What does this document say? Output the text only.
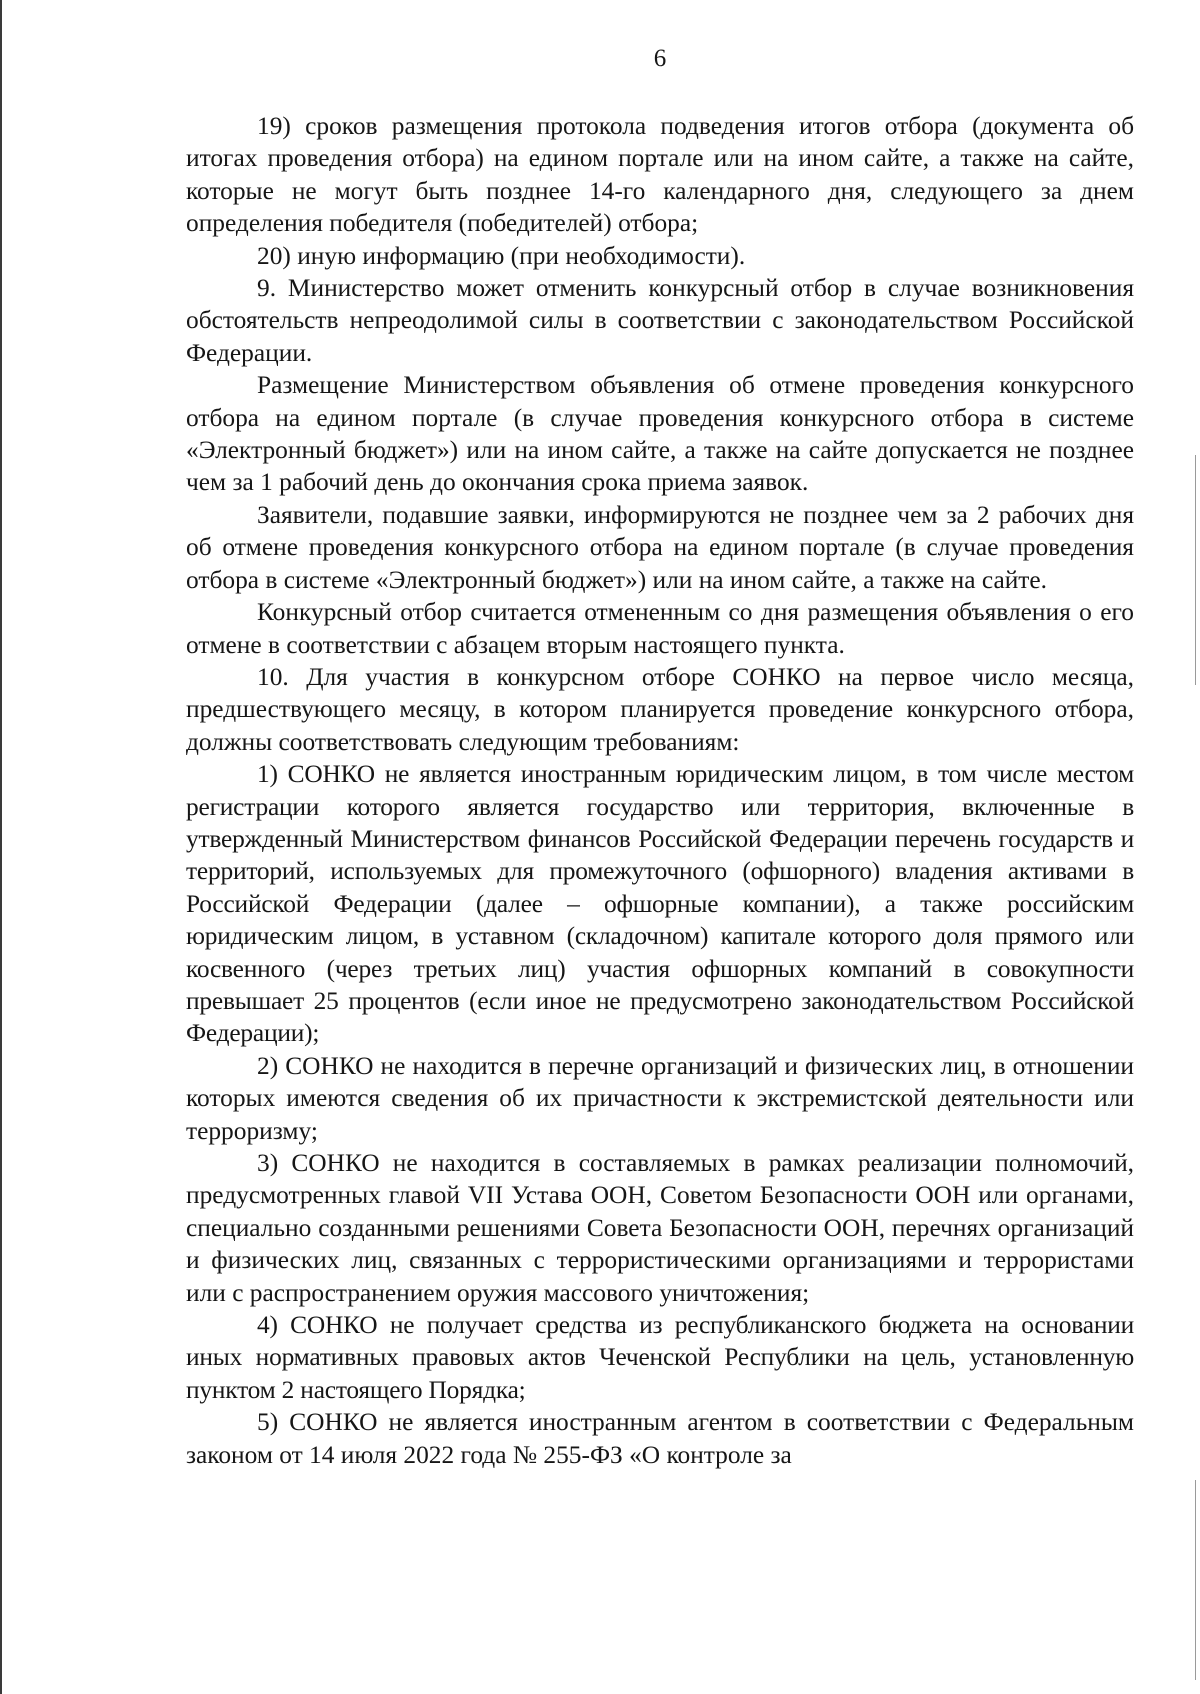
6

19) сроков размещения протокола подведения итогов отбора (документа об итогах проведения отбора) на едином портале или на ином сайте, а также на сайте, которые не могут быть позднее 14-го календарного дня, следующего за днем определения победителя (победителей) отбора;

20) иную информацию (при необходимости).

9. Министерство может отменить конкурсный отбор в случае возникновения обстоятельств непреодолимой силы в соответствии с законодательством Российской Федерации.

Размещение Министерством объявления об отмене проведения конкурсного отбора на едином портале (в случае проведения конкурсного отбора в системе «Электронный бюджет») или на ином сайте, а также на сайте допускается не позднее чем за 1 рабочий день до окончания срока приема заявок.

Заявители, подавшие заявки, информируются не позднее чем за 2 рабочих дня об отмене проведения конкурсного отбора на едином портале (в случае проведения отбора в системе «Электронный бюджет») или на ином сайте, а также на сайте.

Конкурсный отбор считается отмененным со дня размещения объявления о его отмене в соответствии с абзацем вторым настоящего пункта.

10. Для участия в конкурсном отборе СОНКО на первое число месяца, предшествующего месяцу, в котором планируется проведение конкурсного отбора, должны соответствовать следующим требованиям:

1) СОНКО не является иностранным юридическим лицом, в том числе местом регистрации которого является государство или территория, включенные в утвержденный Министерством финансов Российской Федерации перечень государств и территорий, используемых для промежуточного (офшорного) владения активами в Российской Федерации (далее – офшорные компании), а также российским юридическим лицом, в уставном (складочном) капитале которого доля прямого или косвенного (через третьих лиц) участия офшорных компаний в совокупности превышает 25 процентов (если иное не предусмотрено законодательством Российской Федерации);

2) СОНКО не находится в перечне организаций и физических лиц, в отношении которых имеются сведения об их причастности к экстремистской деятельности или терроризму;

3) СОНКО не находится в составляемых в рамках реализации полномочий, предусмотренных главой VII Устава ООН, Советом Безопасности ООН или органами, специально созданными решениями Совета Безопасности ООН, перечнях организаций и физических лиц, связанных с террористическими организациями и террористами или с распространением оружия массового уничтожения;

4) СОНКО не получает средства из республиканского бюджета на основании иных нормативных правовых актов Чеченской Республики на цель, установленную пунктом 2 настоящего Порядка;

5) СОНКО не является иностранным агентом в соответствии с Федеральным законом от 14 июля 2022 года № 255-ФЗ «О контроле за
